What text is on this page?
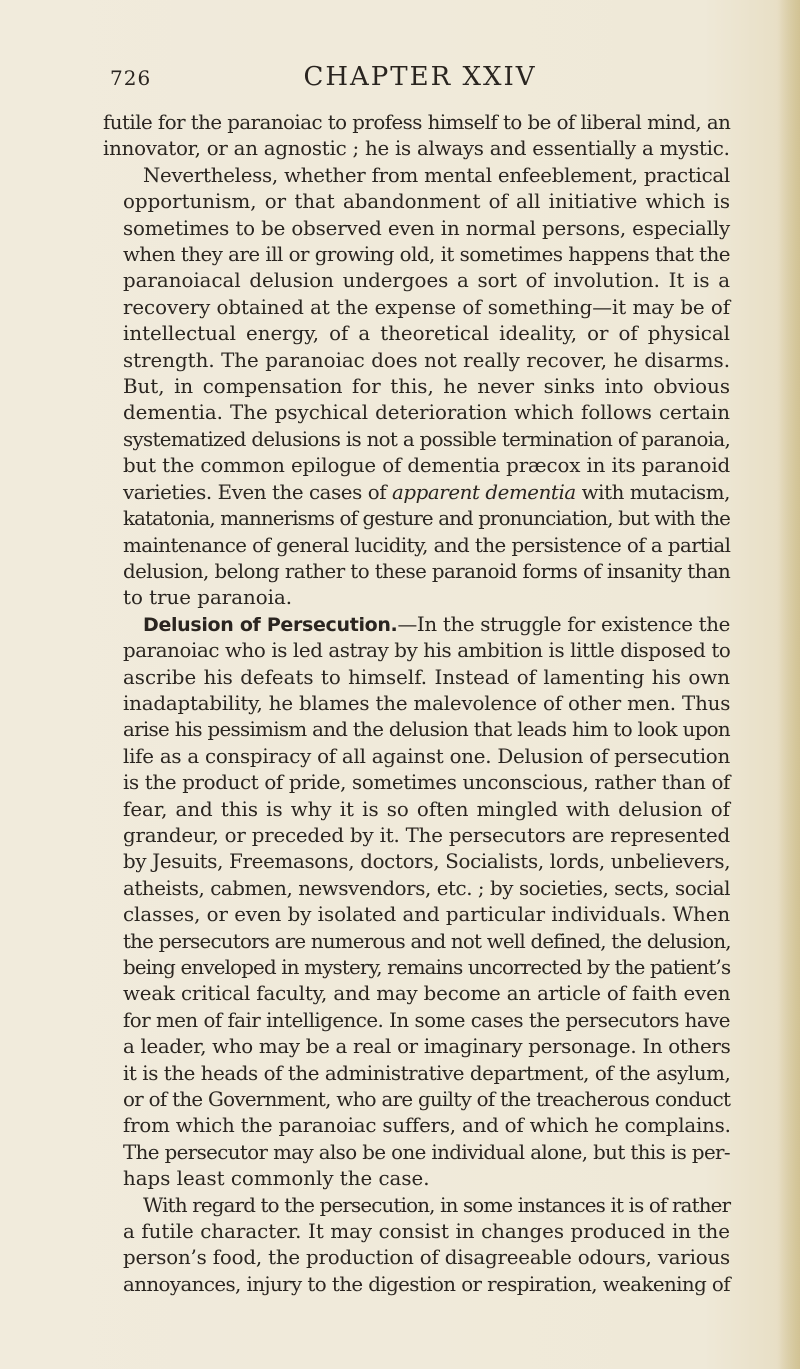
726	CHAPTER XXIV

futile for the paranoiac to profess himself to be of liberal mind, an
innovator, or an agnostic ; he is always and essentially a mystic.

Nevertheless, whether from mental enfeeblement, practical
opportunism, or that abandonment of all initiative which is
sometimes to be observed even in normal persons, especially
when they are ill or growing old, it sometimes happens that the
paranoiacal delusion undergoes a sort of involution. It is a
recovery obtained at the expense of something—it may be of
intellectual energy, of a theoretical ideality, or of physical
strength. The paranoiac does not really recover, he disarms.
But, in compensation for this, he never sinks into obvious
dementia. The psychical deterioration which follows certain
systematized delusions is not a possible termination of paranoia,
but the common epilogue of dementia præcox in its paranoid
varieties. Even the cases of apparent dementia with mutacism,
katatonia, mannerisms of gesture and pronunciation, but with the
maintenance of general lucidity, and the persistence of a partial
delusion, belong rather to these paranoid forms of insanity than
to true paranoia.

Delusion of Persecution.—In the struggle for existence the
paranoiac who is led astray by his ambition is little disposed to
ascribe his defeats to himself. Instead of lamenting his own
inadaptability, he blames the malevolence of other men. Thus
arise his pessimism and the delusion that leads him to look upon
life as a conspiracy of all against one. Delusion of persecution
is the product of pride, sometimes unconscious, rather than of
fear, and this is why it is so often mingled with delusion of
grandeur, or preceded by it. The persecutors are represented
by Jesuits, Freemasons, doctors, Socialists, lords, unbelievers,
atheists, cabmen, newsvendors, etc. ; by societies, sects, social
classes, or even by isolated and particular individuals. When
the persecutors are numerous and not well defined, the delusion,
being enveloped in mystery, remains uncorrected by the patient’s
weak critical faculty, and may become an article of faith even
for men of fair intelligence. In some cases the persecutors have
a leader, who may be a real or imaginary personage. In others
it is the heads of the administrative department, of the asylum,
or of the Government, who are guilty of the treacherous conduct
from which the paranoiac suffers, and of which he complains.
The persecutor may also be one individual alone, but this is per-
haps least commonly the case.

With regard to the persecution, in some instances it is of rather
a futile character. It may consist in changes produced in the
person’s food, the production of disagreeable odours, various
annoyances, injury to the digestion or respiration, weakening of
